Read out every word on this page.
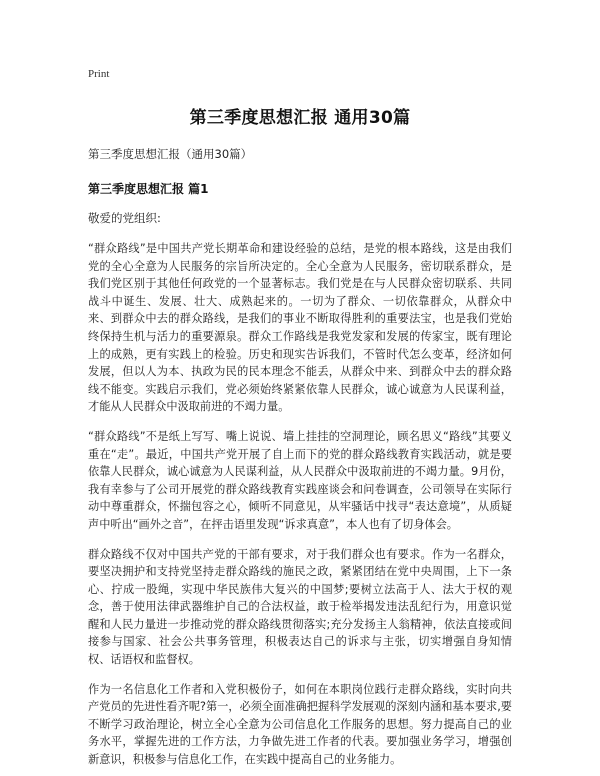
Print
第三季度思想汇报 通用30篇
第三季度思想汇报（通用30篇）
第三季度思想汇报 篇1
敬爱的党组织:

“群众路线”是中国共产党长期革命和建设经验的总结，是党的根本路线，这是由我们党的全心全意为人民服务的宗旨所决定的。全心全意为人民服务，密切联系群众，是我们党区别于其他任何政党的一个显著标志。我们党是在与人民群众密切联系、共同战斗中诞生、发展、壮大、成熟起来的。一切为了群众、一切依靠群众，从群众中来、到群众中去的群众路线，是我们的事业不断取得胜利的重要法宝，也是我们党始终保持生机与活力的重要源泉。群众工作路线是我党发家和发展的传家宝，既有理论上的成熟，更有实践上的检验。历史和现实告诉我们，不管时代怎么变革，经济如何发展，但以人为本、执政为民的民本理念不能丢，从群众中来、到群众中去的群众路线不能变。实践启示我们，党必须始终紧紧依靠人民群众，诚心诚意为人民谋利益，才能从人民群众中汲取前进的不竭力量。

“群众路线”不是纸上写写、嘴上说说、墙上挂挂的空洞理论，顾名思义“路线”其要义重在“走”。最近，中国共产党开展了自上而下的党的群众路线教育实践活动，就是要依靠人民群众，诚心诚意为人民谋利益，从人民群众中汲取前进的不竭力量。9月份，我有幸参与了公司开展党的群众路线教育实践座谈会和问卷调查，公司领导在实际行动中尊重群众，怀揣包容之心，倾听不同意见，从牢骚话中找寻“表达意境”，从质疑声中听出“画外之音”，在抨击语里发现“诉求真意”，本人也有了切身体会。

群众路线不仅对中国共产党的干部有要求，对于我们群众也有要求。作为一名群众，要坚决拥护和支持党坚持走群众路线的施民之政，紧紧团结在党中央周围，上下一条心、拧成一股绳，实现中华民族伟大复兴的中国梦;要树立法高于人、法大于权的观念，善于使用法律武器维护自己的合法权益，敢于检举揭发违法乱纪行为，用意识觉醒和人民力量进一步推动党的群众路线贯彻落实;充分发扬主人翁精神，依法直接或间接参与国家、社会公共事务管理，积极表达自己的诉求与主张，切实增强自身知情权、话语权和监督权。

作为一名信息化工作者和入党积极份子，如何在本职岗位践行走群众路线，实时向共产党员的先进性看齐呢?第一，必须全面准确把握科学发展观的深刻内涵和基本要求,要不断学习政治理论，树立全心全意为公司信息化工作服务的思想。努力提高自己的业务水平，掌握先进的工作方法，力争做先进工作者的代表。要加强业务学习，增强创新意识，积极参与信息化工作，在实践中提高自己的业务能力。
